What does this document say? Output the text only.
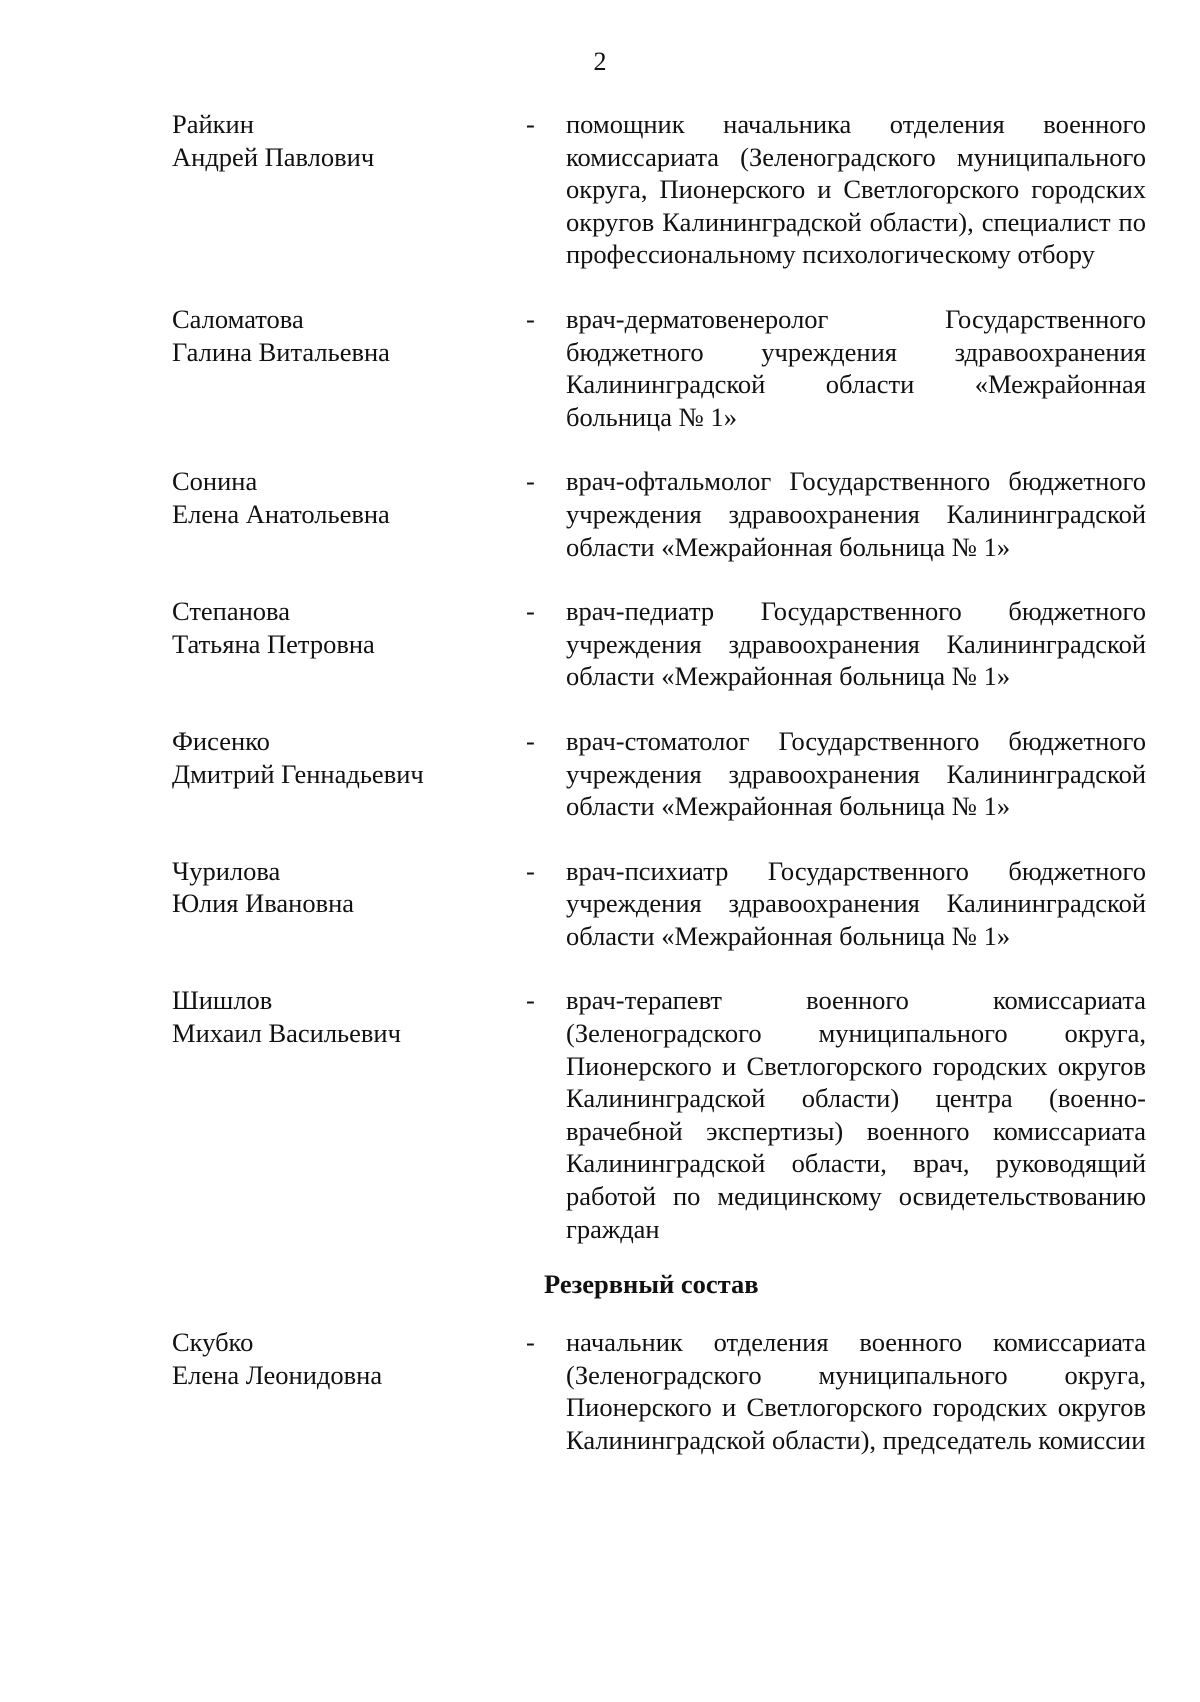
2
Райкин
Андрей Павлович
- помощник начальника отделения военного комиссариата (Зеленоградского муниципального округа, Пионерского и Светлогорского городских округов Калининградской области), специалист по профессиональному психологическому отбору
Саломатова
Галина Витальевна
- врач-дерматовенеролог Государственного бюджетного учреждения здравоохранения Калининградской области «Межрайонная больница № 1»
Сонина
Елена Анатольевна
- врач-офтальмолог Государственного бюджетного учреждения здравоохранения Калининградской области «Межрайонная больница № 1»
Степанова
Татьяна Петровна
- врач-педиатр Государственного бюджетного учреждения здравоохранения Калининградской области «Межрайонная больница № 1»
Фисенко
Дмитрий Геннадьевич
- врач-стоматолог Государственного бюджетного учреждения здравоохранения Калининградской области «Межрайонная больница № 1»
Чурилова
Юлия Ивановна
- врач-психиатр Государственного бюджетного учреждения здравоохранения Калининградской области «Межрайонная больница № 1»
Шишлов
Михаил Васильевич
- врач-терапевт военного комиссариата (Зеленоградского муниципального округа, Пионерского и Светлогорского городских округов Калининградской области) центра (военно-врачебной экспертизы) военного комиссариата Калининградской области, врач, руководящий работой по медицинскому освидетельствованию граждан
Резервный состав
Скубко
Елена Леонидовна
- начальник отделения военного комиссариата (Зеленоградского муниципального округа, Пионерского и Светлогорского городских округов Калининградской области), председатель комиссии
